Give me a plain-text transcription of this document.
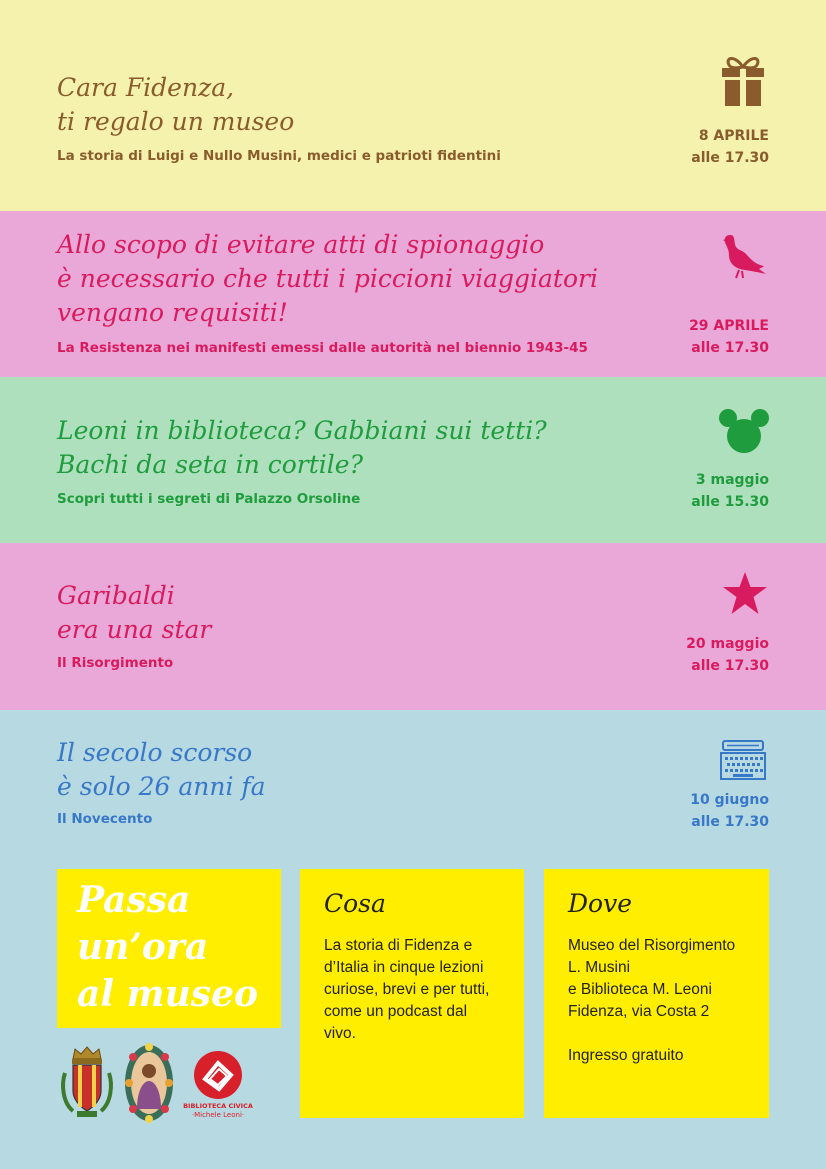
Cara Fidenza,
ti regalo un museo

La storia di Luigi e Nullo Musini, medici e patrioti fidentini

8 APRILE
alle 17.30
Allo scopo di evitare atti di spionaggio
è necessario che tutti i piccioni viaggiatori
vengano requisiti!

La Resistenza nei manifesti emessi dalle autorità nel biennio 1943-45

29 APRILE
alle 17.30
Leoni in biblioteca? Gabbiani sui tetti?
Bachi da seta in cortile?

Scopri tutti i segreti di Palazzo Orsoline

3 maggio
alle 15.30
Garibaldi
era una star

Il Risorgimento

20 maggio
alle 17.30
Il secolo scorso
è solo 26 anni fa

Il Novecento

10 giugno
alle 17.30
Passa
un’ora
al museo
Cosa
La storia di Fidenza e
d’Italia in cinque lezioni
curiose, brevi e per tutti,
come un podcast dal
vivo.
Dove
Museo del Risorgimento
L. Musini
e Biblioteca M. Leoni
Fidenza, via Costa 2
Ingresso gratuito
BIBLIOTECA CIVICA
·Michele Leoni·
